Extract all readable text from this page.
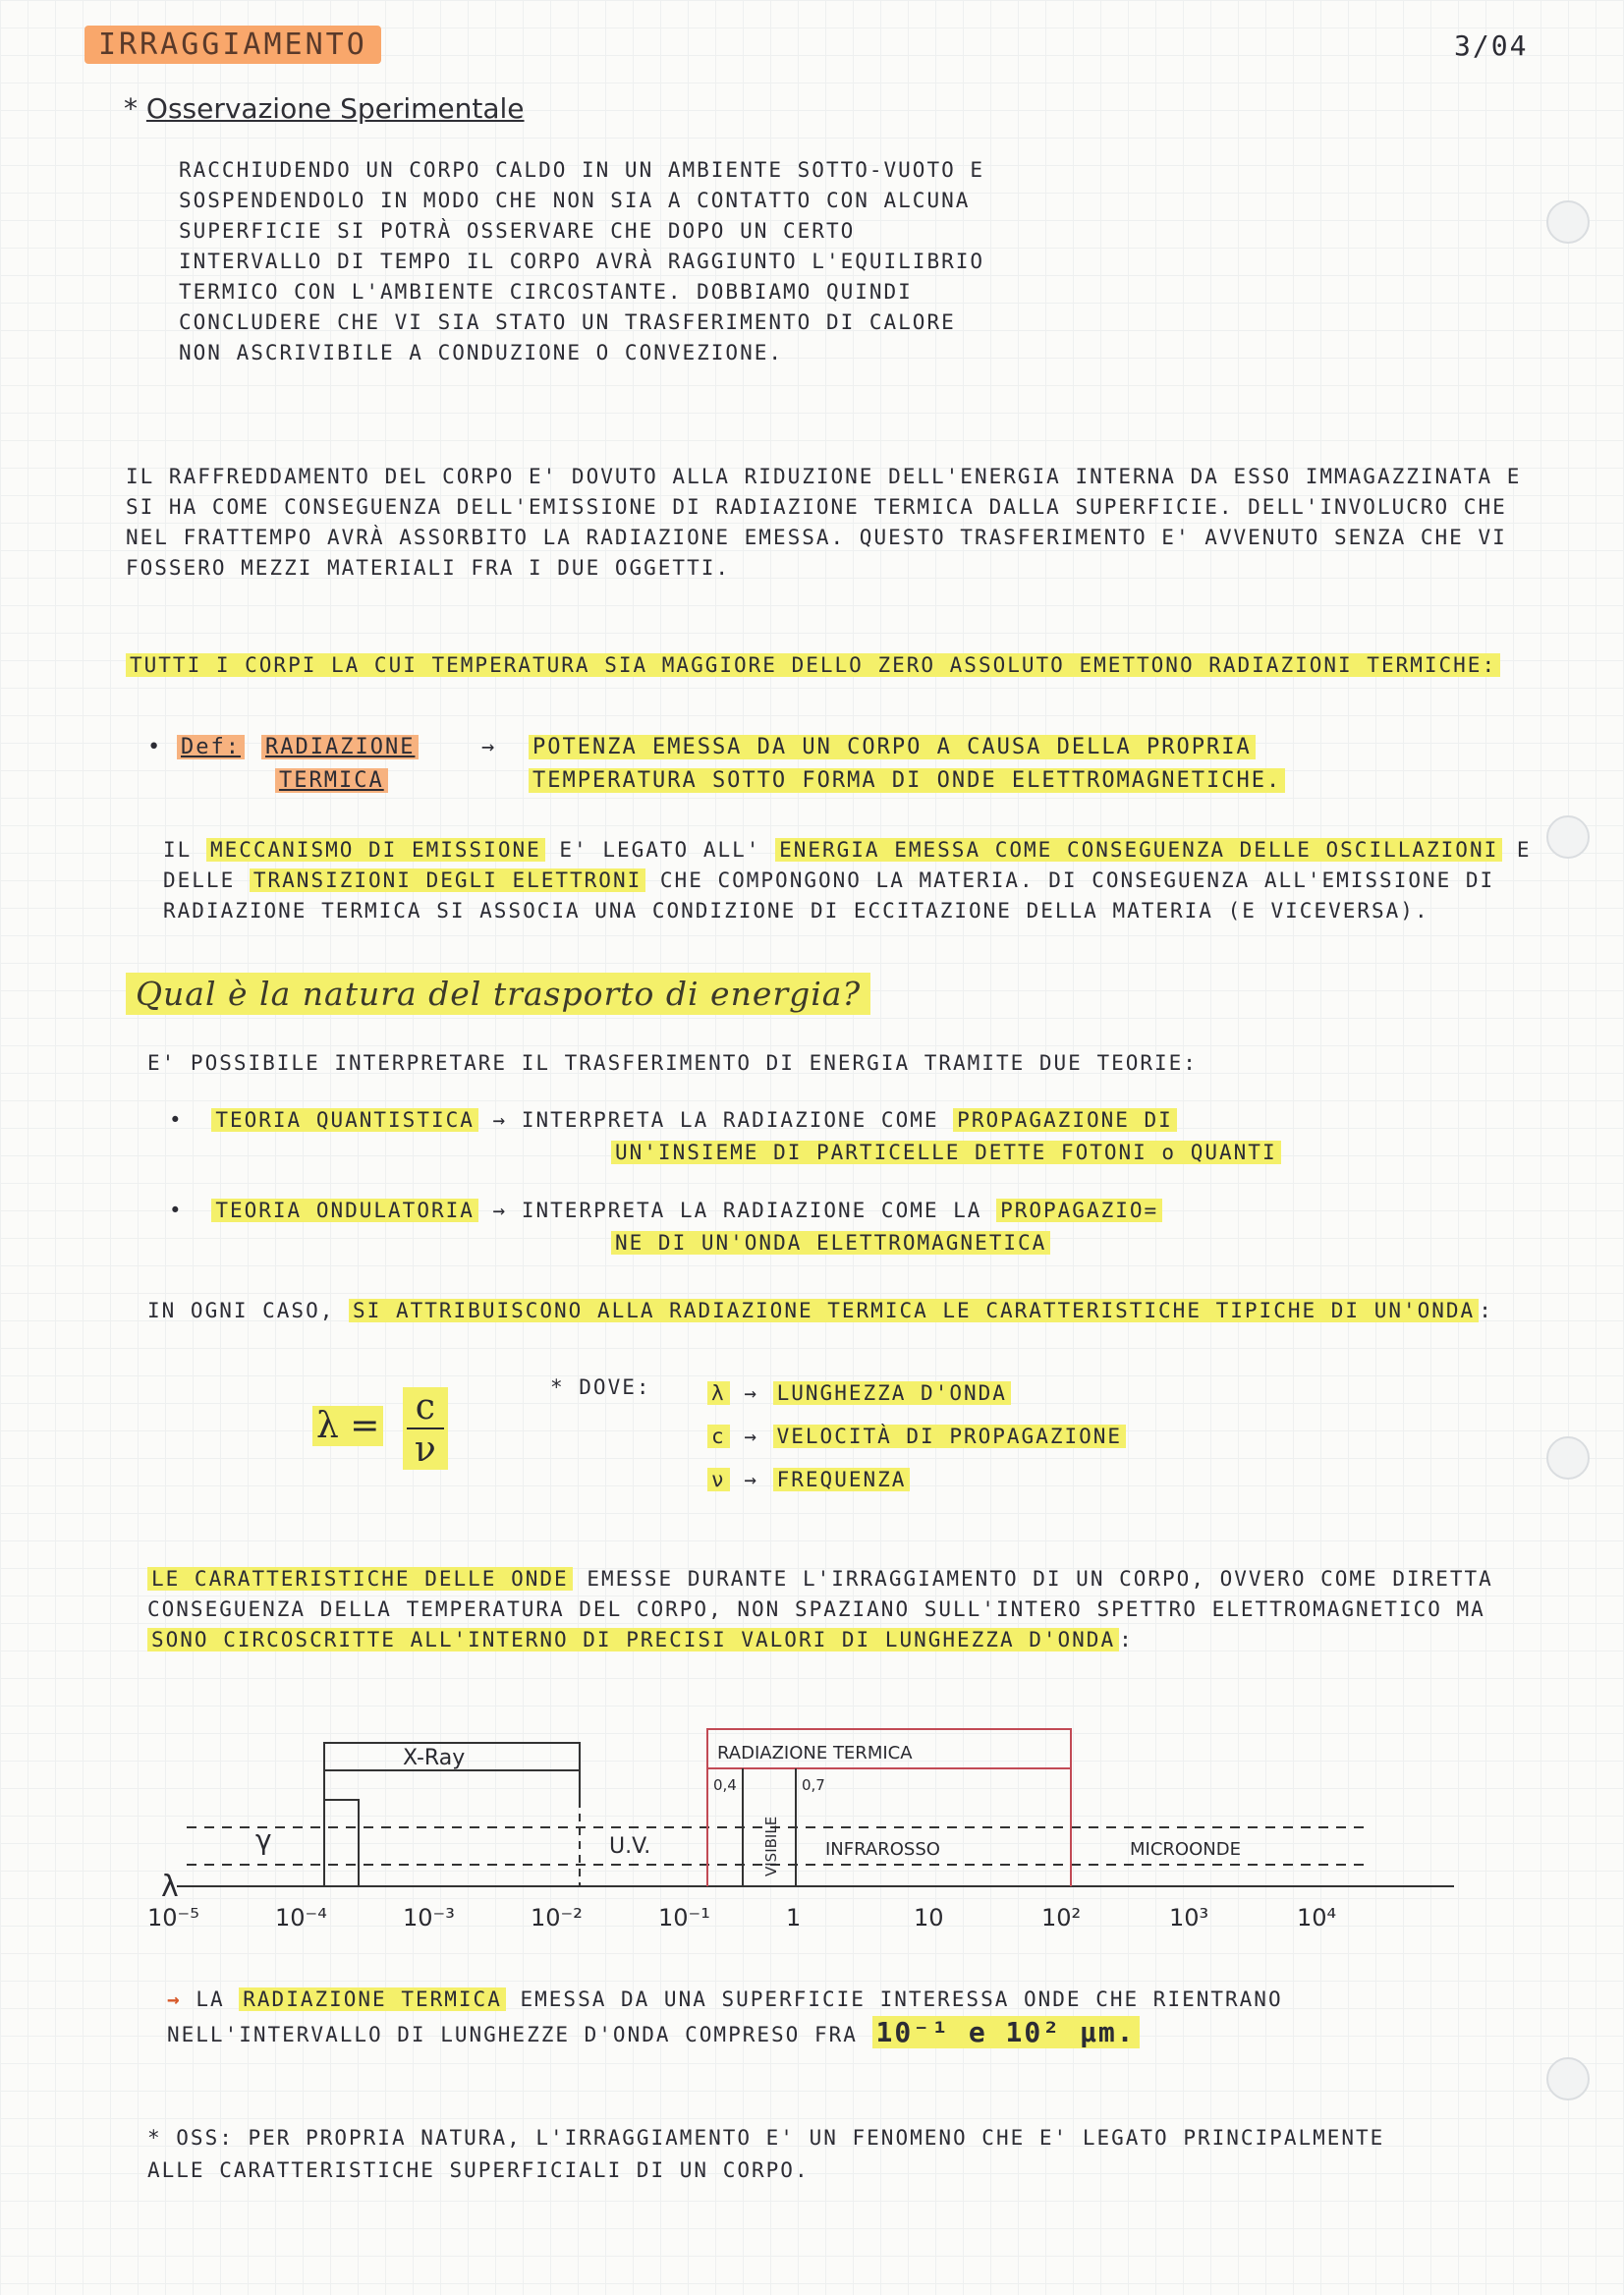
IRRAGGIAMENTO	3/04
* Osservazione Sperimentale
RACCHIUDENDO UN CORPO CALDO IN UN AMBIENTE SOTTO-VUOTO E SOSPENDENDOLO IN MODO CHE NON SIA A CONTATTO CON ALCUNA SUPERFICIE SI POTRÀ OSSERVARE CHE DOPO UN CERTO INTERVALLO DI TEMPO IL CORPO AVRÀ RAGGIUNTO L'EQUILIBRIO TERMICO CON L'AMBIENTE CIRCOSTANTE. DOBBIAMO QUINDI CONCLUDERE CHE VI SIA STATO UN TRASFERIMENTO DI CALORE NON ASCRIVIBILE A CONDUZIONE O CONVEZIONE.
IL RAFFREDDAMENTO DEL CORPO E' DOVUTO ALLA RIDUZIONE DELL'ENERGIA INTERNA DA ESSO IMMAGAZZINATA E SI HA COME CONSEGUENZA DELL'EMISSIONE DI RADIAZIONE TERMICA DALLA SUPERFICIE. DELL'INVOLUCRO CHE NEL FRATTEMPO AVRÀ ASSORBITO LA RADIAZIONE EMESSA. QUESTO TRASFERIMENTO E' AVVENUTO SENZA CHE VI FOSSERO MEZZI MATERIALI FRA I DUE OGGETTI.
TUTTI I CORPI LA CUI TEMPERATURA SIA MAGGIORE DELLO ZERO ASSOLUTO EMETTONO RADIAZIONI TERMICHE:
• Def: RADIAZIONE
TERMICA
→ POTENZA EMESSA DA UN CORPO A CAUSA DELLA PROPRIA
TEMPERATURA SOTTO FORMA DI ONDE ELETTROMAGNETICHE.
IL MECCANISMO DI EMISSIONE E' LEGATO ALL' ENERGIA EMESSA COME CONSEGUENZA DELLE OSCILLAZIONI E DELLE TRANSIZIONI DEGLI ELETTRONI CHE COMPONGONO LA MATERIA. DI CONSEGUENZA ALL'EMISSIONE DI RADIAZIONE TERMICA SI ASSOCIA UNA CONDIZIONE DI ECCITAZIONE DELLA MATERIA (E VICEVERSA).
Qual è la natura del trasporto di energia?
E' POSSIBILE INTERPRETARE IL TRASFERIMENTO DI ENERGIA TRAMITE DUE TEORIE:
• TEORIA QUANTISTICA → INTERPRETA LA RADIAZIONE COME PROPAGAZIONE DI
UN'INSIEME DI PARTICELLE DETTE FOTONI o QUANTI
• TEORIA ONDULATORIA → INTERPRETA LA RADIAZIONE COME LA PROPAGAZIO=
NE DI UN'ONDA ELETTROMAGNETICA
IN OGNI CASO, SI ATTRIBUISCONO ALLA RADIAZIONE TERMICA LE CARATTERISTICHE TIPICHE DI UN'ONDA :
$\lambda = \frac{c}{\nu}$	* DOVE:	λ → LUNGHEZZA D'ONDA
c → VELOCITÀ DI PROPAGAZIONE
ν → FREQUENZA
LE CARATTERISTICHE DELLE ONDE EMESSE DURANTE L'IRRAGGIAMENTO DI UN CORPO, OVVERO COME DIRETTA CONSEGUENZA DELLA TEMPERATURA DEL CORPO, NON SPAZIANO SULL'INTERO SPETTRO ELETTROMAGNETICO MA SONO CIRCOSCRITTE ALL'INTERNO DI PRECISI VALORI DI LUNGHEZZA D'ONDA :
λ
γ
X-Ray
U.V.
RADIAZIONE TERMICA
0,4	0,7
VISIBILE	INFRAROSSO	MICROONDE
10⁻⁵	10⁻⁴	10⁻³	10⁻²	10⁻¹	1	10	10²	10³	10⁴
→ LA RADIAZIONE TERMICA EMESSA DA UNA SUPERFICIE INTERESSA ONDE CHE RIENTRANO NELL'INTERVALLO DI LUNGHEZZE D'ONDA COMPRESO FRA 10⁻¹ e 10² μm.
* OSS: PER PROPRIA NATURA, L'IRRAGGIAMENTO E' UN FENOMENO CHE E' LEGATO PRINCIPALMENTE ALLE CARATTERISTICHE SUPERFICIALI DI UN CORPO.
